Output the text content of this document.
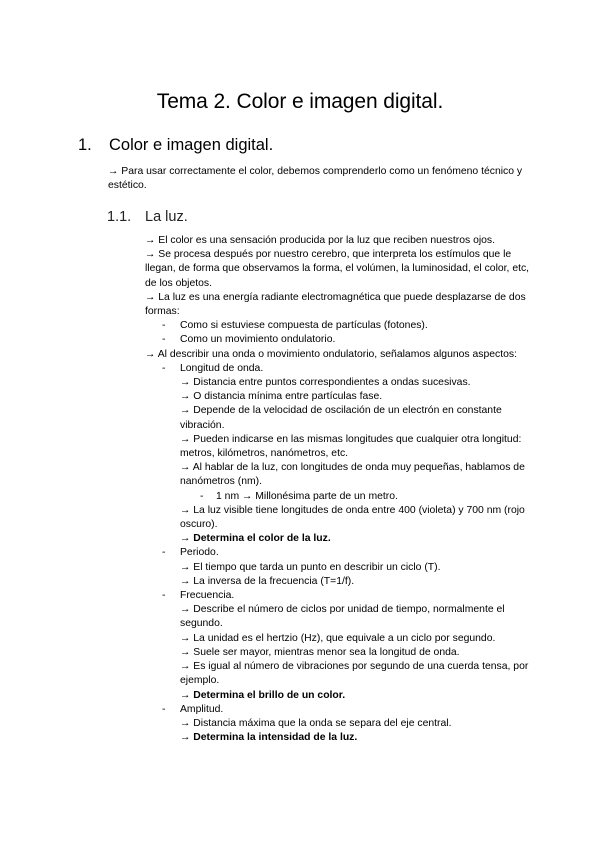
Tema 2. Color e imagen digital.
1. Color e imagen digital.

→ Para usar correctamente el color, debemos comprenderlo como un fenómeno técnico y estético.

1.1. La luz.

→ El color es una sensación producida por la luz que reciben nuestros ojos.

→ Se procesa después por nuestro cerebro, que interpreta los estímulos que le llegan, de forma que observamos la forma, el volúmen, la luminosidad, el color, etc, de los objetos.

→ La luz es una energía radiante electromagnética que puede desplazarse de dos formas:

- Como si estuviese compuesta de partículas (fotones).

- Como un movimiento ondulatorio.

→ Al describir una onda o movimiento ondulatorio, señalamos algunos aspectos:

- Longitud de onda.

→ Distancia entre puntos correspondientes a ondas sucesivas.

→ O distancia mínima entre partículas fase.

→ Depende de la velocidad de oscilación de un electrón en constante vibración.

→ Pueden indicarse en las mismas longitudes que cualquier otra longitud: metros, kilómetros, nanómetros, etc.

→ Al hablar de la luz, con longitudes de onda muy pequeñas, hablamos de nanómetros (nm).

- 1 nm → Millonésima parte de un metro.

→ La luz visible tiene longitudes de onda entre 400 (violeta) y 700 nm (rojo oscuro).

→ Determina el color de la luz.

- Periodo.

→ El tiempo que tarda un punto en describir un ciclo (T).

→ La inversa de la frecuencia (T=1/f).

- Frecuencia.

→ Describe el número de ciclos por unidad de tiempo, normalmente el segundo.

→ La unidad es el hertzio (Hz), que equivale a un ciclo por segundo.

→ Suele ser mayor, mientras menor sea la longitud de onda.

→ Es igual al número de vibraciones por segundo de una cuerda tensa, por ejemplo.

→ Determina el brillo de un color.

- Amplitud.

→ Distancia máxima que la onda se separa del eje central.

→ Determina la intensidad de la luz.
